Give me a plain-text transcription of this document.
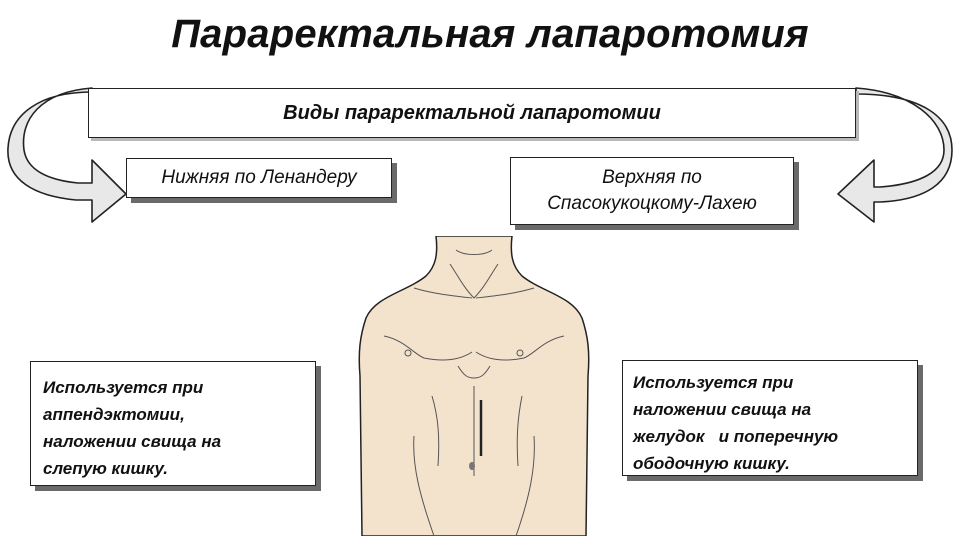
Параректальная лапаротомия
Виды параректальной лапаротомии
Нижняя по Ленандеру	Верхняя по
Спасокукоцкому-Лахею
Используется при
аппендэктомии,
наложении свища на
слепую кишку.
Используется при
наложении свища на
желудок   и поперечную
ободочную кишку.
